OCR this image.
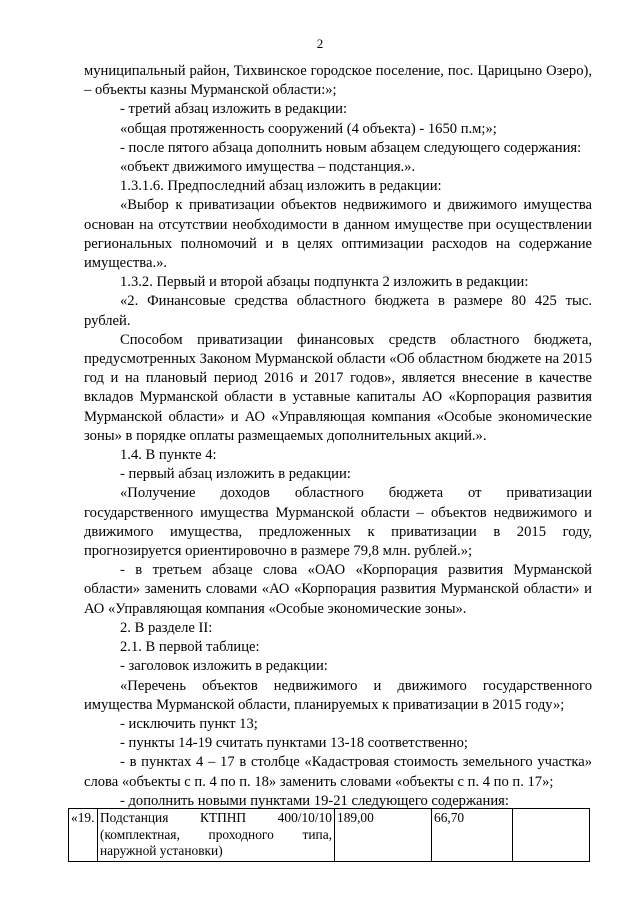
2

муниципальный район, Тихвинское городское поселение, пос. Царицыно Озеро), – объекты казны Мурманской области:»;

- третий абзац изложить в редакции:

«общая протяженность сооружений (4 объекта) - 1650 п.м;»;

- после пятого абзаца дополнить новым абзацем следующего содержания:

«объект движимого имущества – подстанция.».

1.3.1.6. Предпоследний абзац изложить в редакции:

«Выбор к приватизации объектов недвижимого и движимого имущества основан на отсутствии необходимости в данном имуществе при осуществлении региональных полномочий и в целях оптимизации расходов на содержание имущества.».

1.3.2. Первый и второй абзацы подпункта 2 изложить в редакции:

«2. Финансовые средства областного бюджета в размере 80 425 тыс. рублей.

Способом приватизации финансовых средств областного бюджета, предусмотренных Законом Мурманской области «Об областном бюджете на 2015 год и на плановый период 2016 и 2017 годов», является внесение в качестве вкладов Мурманской области в уставные капиталы АО «Корпорация развития Мурманской области» и АО «Управляющая компания «Особые экономические зоны» в порядке оплаты размещаемых дополнительных акций.».

1.4. В пункте 4:

- первый абзац изложить в редакции:

«Получение доходов областного бюджета от приватизации государственного имущества Мурманской области – объектов недвижимого и движимого имущества, предложенных к приватизации в 2015 году, прогнозируется ориентировочно в размере 79,8 млн. рублей.»;

- в третьем абзаце слова «ОАО «Корпорация развития Мурманской области» заменить словами «АО «Корпорация развития Мурманской области» и АО «Управляющая компания «Особые экономические зоны».

2. В разделе II:

2.1. В первой таблице:

- заголовок изложить в редакции:

«Перечень объектов недвижимого и движимого государственного имущества Мурманской области, планируемых к приватизации в 2015 году»;

- исключить пункт 13;

- пункты 14-19 считать пунктами 13-18 соответственно;

- в пунктах 4 – 17 в столбце «Кадастровая стоимость земельного участка» слова «объекты с п. 4 по п. 18» заменить словами «объекты с п. 4 по п. 17»;

- дополнить новыми пунктами 19-21 следующего содержания:

«19.	Подстанция КТПНП 400/10/10
(комплектная, проходного типа,
наружной установки)
	189,00	66,70	
